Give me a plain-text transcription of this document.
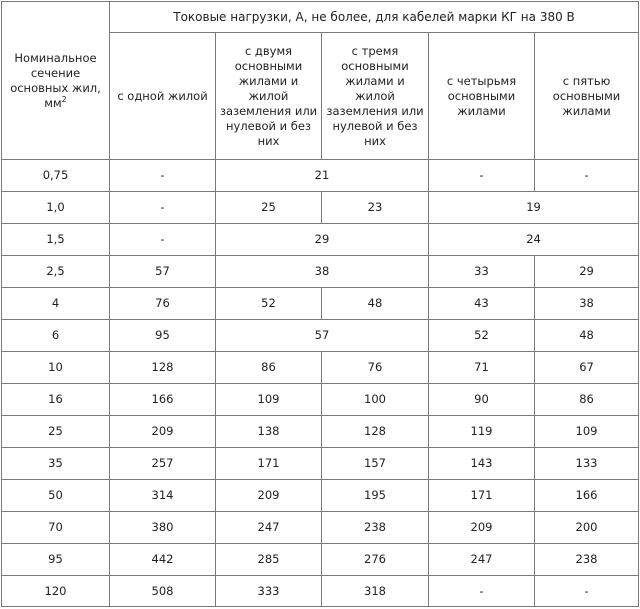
Номинальное сечение основных жил, $мм^2$	Токовые нагрузки, А, не более, для кабелей марки КГ на 380 В				
	с одной жилой	с двумя основными жилами и жилой заземления или нулевой и без них	с тремя основными жилами и жилой заземления или нулевой и без них	с четырьмя основными жилами	с пятью основными жилами
0,75	-	21		-	-
1,0	-	25	23	19	
1,5	-	29		24	
2,5	57	38		33	29
4	76	52	48	43	38
6	95	57		52	48
10	128	86	76	71	67
16	166	109	100	90	86
25	209	138	128	119	109
35	257	171	157	143	133
50	314	209	195	171	166
70	380	247	238	209	200
95	442	285	276	247	238
120	508	333	318	-	-
